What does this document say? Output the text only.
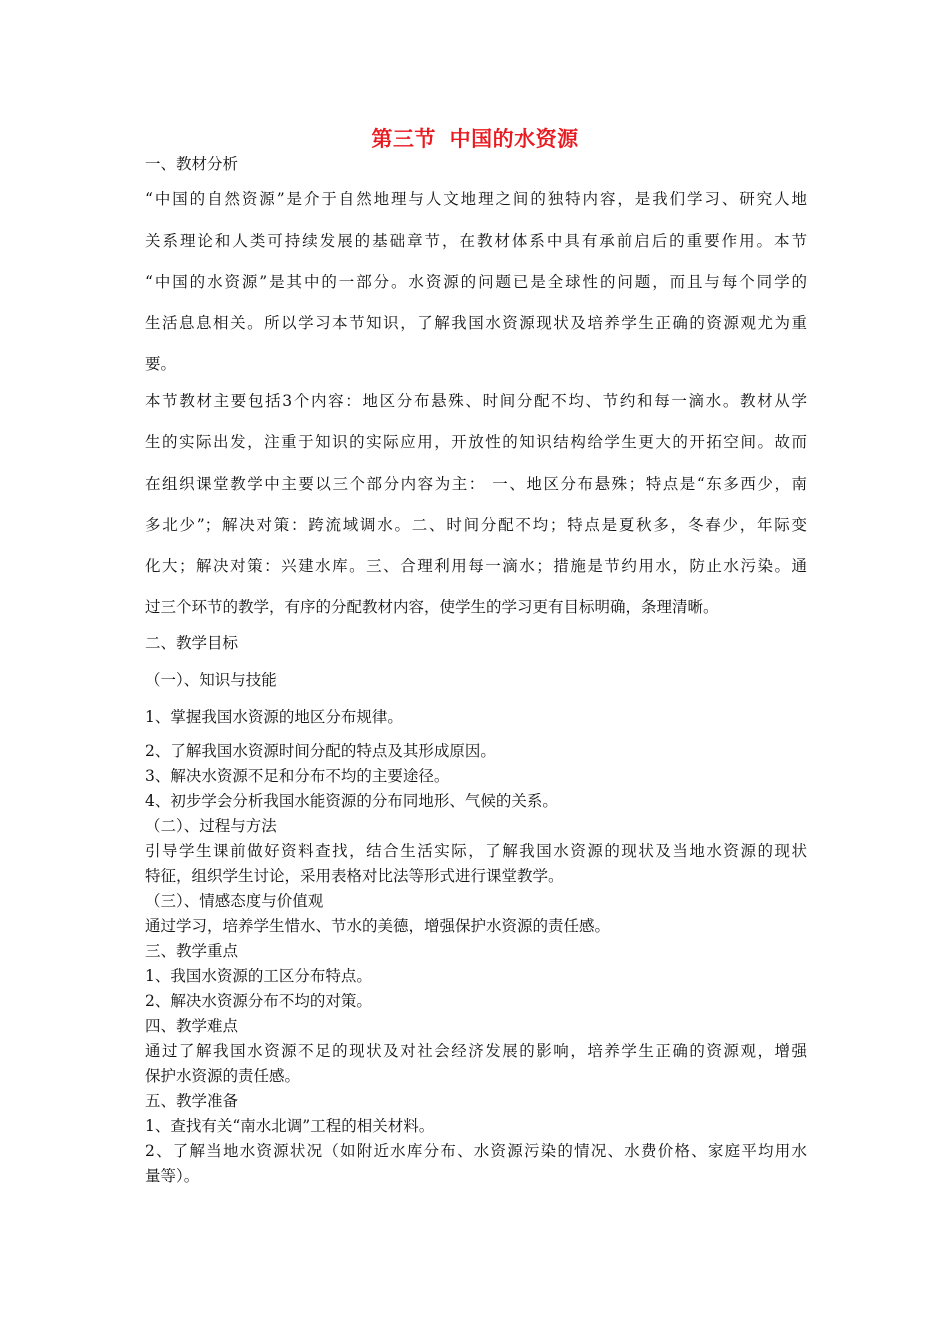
第三节 中国的水资源
一、教材分析
“中国的自然资源”是介于自然地理与人文地理之间的独特内容，是我们学习、研究人地
关系理论和人类可持续发展的基础章节，在教材体系中具有承前启后的重要作用。本节
“中国的水资源”是其中的一部分。水资源的问题已是全球性的问题，而且与每个同学的
生活息息相关。所以学习本节知识，了解我国水资源现状及培养学生正确的资源观尤为重
要。
本节教材主要包括3个内容：地区分布悬殊、时间分配不均、节约和每一滴水。教材从学
生的实际出发，注重于知识的实际应用，开放性的知识结构给学生更大的开拓空间。故而
在组织课堂教学中主要以三个部分内容为主： 一、地区分布悬殊；特点是“东多西少，南
多北少”；解决对策：跨流域调水。二、时间分配不均；特点是夏秋多，冬春少，年际变
化大；解决对策：兴建水库。三、合理利用每一滴水；措施是节约用水，防止水污染。通
过三个环节的教学，有序的分配教材内容，使学生的学习更有目标明确，条理清晰。
二、教学目标
（一）、知识与技能
1、掌握我国水资源的地区分布规律。
2、了解我国水资源时间分配的特点及其形成原因。
3、解决水资源不足和分布不均的主要途径。
4、初步学会分析我国水能资源的分布同地形、气候的关系。
（二）、过程与方法
引导学生课前做好资料查找，结合生活实际，了解我国水资源的现状及当地水资源的现状
特征，组织学生讨论，采用表格对比法等形式进行课堂教学。
（三）、情感态度与价值观
通过学习，培养学生惜水、节水的美德，增强保护水资源的责任感。
三、教学重点
1、我国水资源的工区分布特点。
2、解决水资源分布不均的对策。
四、教学难点
通过了解我国水资源不足的现状及对社会经济发展的影响，培养学生正确的资源观，增强
保护水资源的责任感。
五、教学准备
1、查找有关“南水北调”工程的相关材料。
2、了解当地水资源状况（如附近水库分布、水资源污染的情况、水费价格、家庭平均用水
量等）。
